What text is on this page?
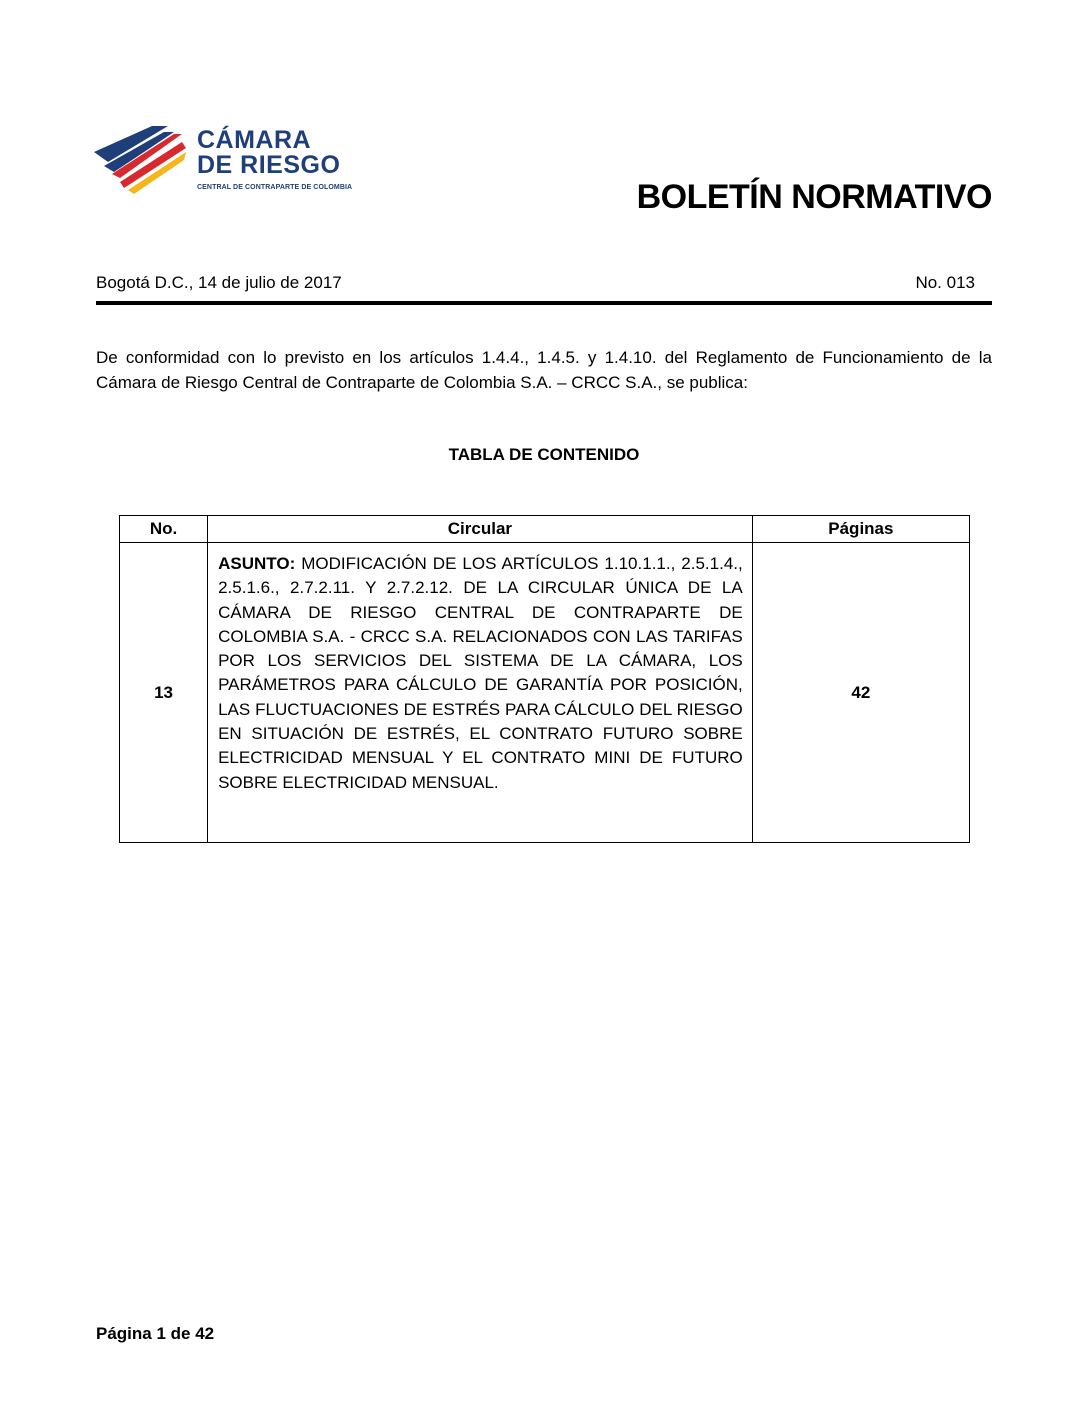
CÁMARA
DE RIESGO
CENTRAL DE CONTRAPARTE DE COLOMBIA	BOLETÍN NORMATIVO
Bogotá D.C., 14 de julio de 2017	No. 013
De conformidad con lo previsto en los artículos 1.4.4., 1.4.5. y 1.4.10. del Reglamento de Funcionamiento de la Cámara de Riesgo Central de Contraparte de Colombia S.A. – CRCC S.A., se publica:
TABLA DE CONTENIDO
No.	Circular	Páginas
13	ASUNTO: MODIFICACIÓN DE LOS ARTÍCULOS 1.10.1.1., 2.5.1.4., 2.5.1.6., 2.7.2.11. Y 2.7.2.12. DE LA CIRCULAR ÚNICA DE LA CÁMARA DE RIESGO CENTRAL DE CONTRAPARTE DE COLOMBIA S.A. - CRCC S.A. RELACIONADOS CON LAS TARIFAS POR LOS SERVICIOS DEL SISTEMA DE LA CÁMARA, LOS PARÁMETROS PARA CÁLCULO DE GARANTÍA POR POSICIÓN, LAS FLUCTUACIONES DE ESTRÉS PARA CÁLCULO DEL RIESGO EN SITUACIÓN DE ESTRÉS, EL CONTRATO FUTURO SOBRE ELECTRICIDAD MENSUAL Y EL CONTRATO MINI DE FUTURO SOBRE ELECTRICIDAD MENSUAL.	42
Página 1 de 42
